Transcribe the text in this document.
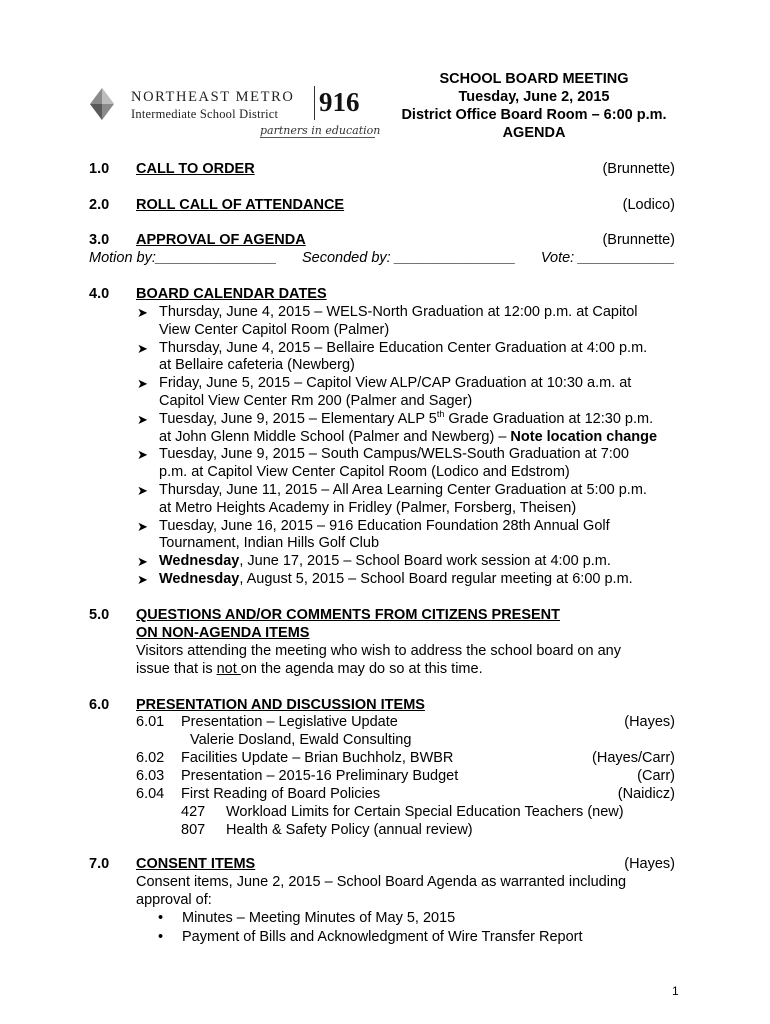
NORTHEAST METRO
Intermediate School District 916
partners in education
SCHOOL BOARD MEETING
Tuesday, June 2, 2015
District Office Board Room – 6:00 p.m.
AGENDA
1.0 CALL TO ORDER	(Brunnette)
2.0 ROLL CALL OF ATTENDANCE	(Lodico)
3.0 APPROVAL OF AGENDA	(Brunnette)
Motion by:_______________ Seconded by: _______________ Vote: ____________
4.0 BOARD CALENDAR DATES
➤ Thursday, June 4, 2015 – WELS-North Graduation at 12:00 p.m. at Capitol
View Center Capitol Room (Palmer)
➤ Thursday, June 4, 2015 – Bellaire Education Center Graduation at 4:00 p.m.
at Bellaire cafeteria (Newberg)
➤ Friday, June 5, 2015 – Capitol View ALP/CAP Graduation at 10:30 a.m. at
Capitol View Center Rm 200 (Palmer and Sager)
➤ Tuesday, June 9, 2015 – Elementary ALP 5th Grade Graduation at 12:30 p.m.
at John Glenn Middle School (Palmer and Newberg) – Note location change
➤ Tuesday, June 9, 2015 – South Campus/WELS-South Graduation at 7:00
p.m. at Capitol View Center Capitol Room (Lodico and Edstrom)
➤ Thursday, June 11, 2015 – All Area Learning Center Graduation at 5:00 p.m.
at Metro Heights Academy in Fridley (Palmer, Forsberg, Theisen)
➤ Tuesday, June 16, 2015 – 916 Education Foundation 28th Annual Golf
Tournament, Indian Hills Golf Club
➤ Wednesday, June 17, 2015 – School Board work session at 4:00 p.m.
➤ Wednesday, August 5, 2015 – School Board regular meeting at 6:00 p.m.
5.0 QUESTIONS AND/OR COMMENTS FROM CITIZENS PRESENT
ON NON-AGENDA ITEMS
Visitors attending the meeting who wish to address the school board on any
issue that is not on the agenda may do so at this time.
6.0 PRESENTATION AND DISCUSSION ITEMS
6.01 Presentation – Legislative Update	(Hayes)
Valerie Dosland, Ewald Consulting
6.02 Facilities Update – Brian Buchholz, BWBR	(Hayes/Carr)
6.03 Presentation – 2015-16 Preliminary Budget	(Carr)
6.04 First Reading of Board Policies	(Naidicz)
427 Workload Limits for Certain Special Education Teachers (new)
807 Health & Safety Policy (annual review)
7.0 CONSENT ITEMS	(Hayes)
Consent items, June 2, 2015 – School Board Agenda as warranted including
approval of:
• Minutes – Meeting Minutes of May 5, 2015
• Payment of Bills and Acknowledgment of Wire Transfer Report
1
